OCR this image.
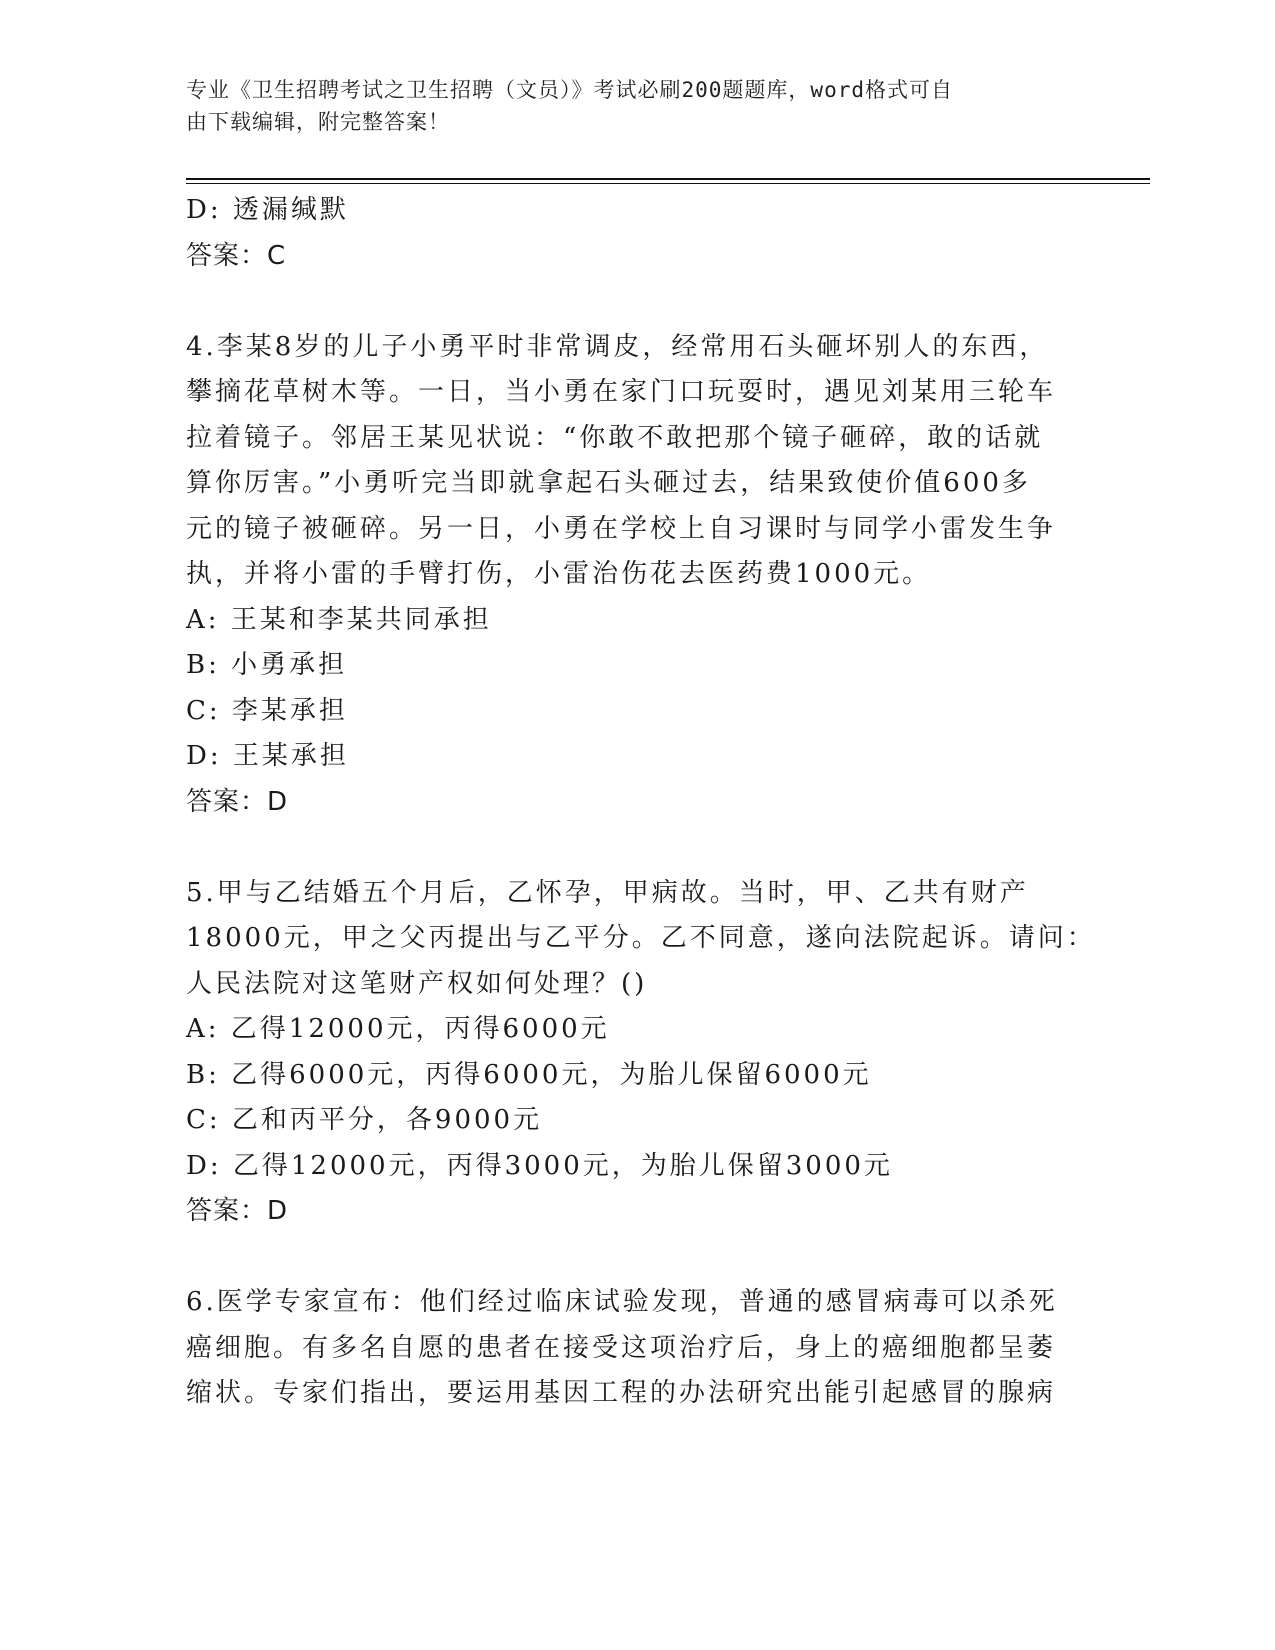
专业《卫生招聘考试之卫生招聘（文员）》考试必刷200题题库，word格式可自
由下载编辑，附完整答案！
D: 透漏缄默
答案：C
4.李某8岁的儿子小勇平时非常调皮，经常用石头砸坏别人的东西，
攀摘花草树木等。一日，当小勇在家门口玩耍时，遇见刘某用三轮车
拉着镜子。邻居王某见状说：“你敢不敢把那个镜子砸碎，敢的话就
算你厉害。”小勇听完当即就拿起石头砸过去，结果致使价值600多
元的镜子被砸碎。另一日，小勇在学校上自习课时与同学小雷发生争
执，并将小雷的手臂打伤，小雷治伤花去医药费1000元。
A: 王某和李某共同承担
B: 小勇承担
C: 李某承担
D: 王某承担
答案：D
5.甲与乙结婚五个月后，乙怀孕，甲病故。当时，甲、乙共有财产
18000元，甲之父丙提出与乙平分。乙不同意，遂向法院起诉。请问：
人民法院对这笔财产权如何处理？()
A: 乙得12000元，丙得6000元
B: 乙得6000元，丙得6000元，为胎儿保留6000元
C: 乙和丙平分，各9000元
D: 乙得12000元，丙得3000元，为胎儿保留3000元
答案：D
6.医学专家宣布：他们经过临床试验发现，普通的感冒病毒可以杀死
癌细胞。有多名自愿的患者在接受这项治疗后，身上的癌细胞都呈萎
缩状。专家们指出，要运用基因工程的办法研究出能引起感冒的腺病
